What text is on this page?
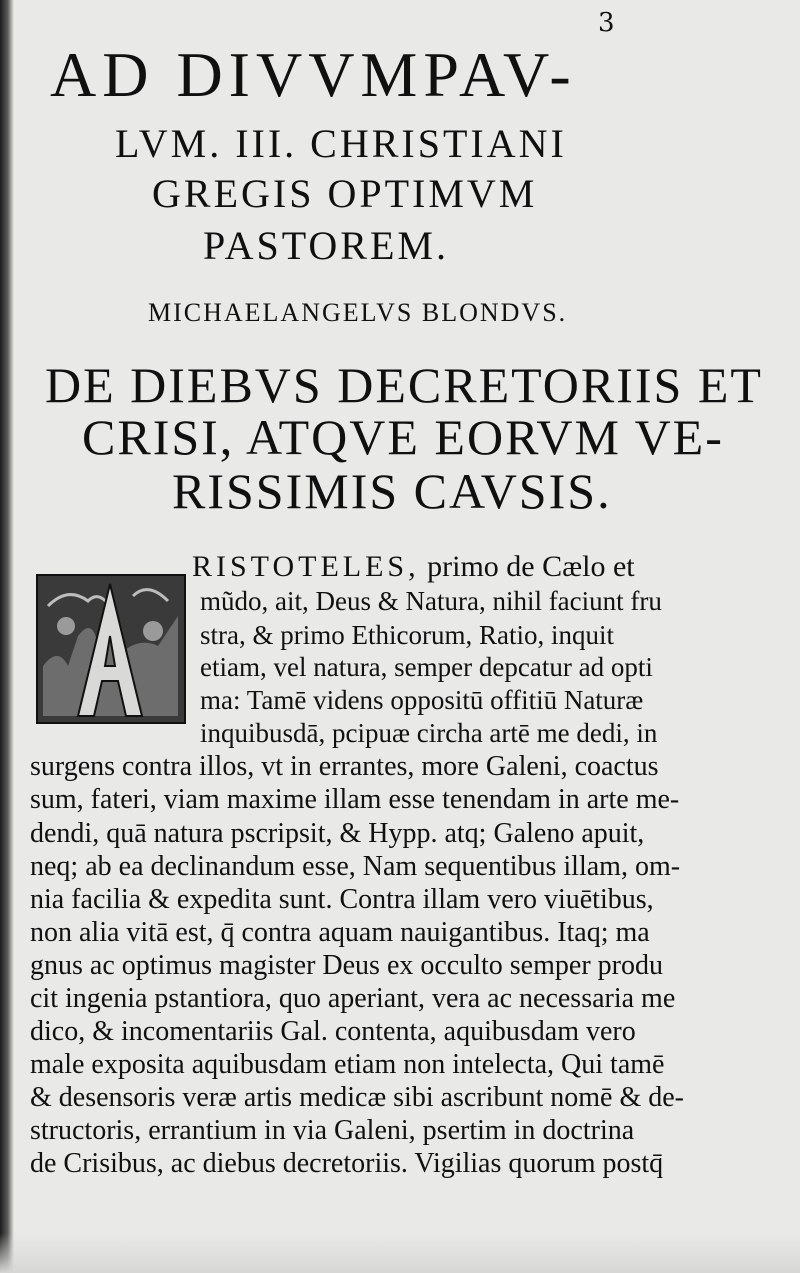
3
AD DIVVMPAV-
LVM. III. CHRISTIANI
GREGIS OPTIMVM
PASTOREM.
MICHAELANGELVS BLONDVS.
DE DIEBVS DECRETORIIS ET
CRISI, ATQVE EORVM VE-
RISSIMIS CAVSIS.
RISTOTELES, primo de Cælo et
mũdo, ait, Deus & Natura, nihil faciunt fru
stra, & primo Ethicorum, Ratio, inquit
etiam, vel natura, semper depcatur ad opti
ma: Tamē videns oppositū offitiū Naturæ
inquibusdā, pcipuæ circha artē me dedi, in
surgens contra illos, vt in errantes, more Galeni, coactus
sum, fateri, viam maxime illam esse tenendam in arte me-
dendi, quā natura pscripsit, & Hypp. atq; Galeno apuit,
neq; ab ea declinandum esse, Nam sequentibus illam, om-
nia facilia & expedita sunt. Contra illam vero viuētibus,
non alia vitā est, q̄ contra aquam nauigantibus. Itaq; ma
gnus ac optimus magister Deus ex occulto semper produ
cit ingenia pstantiora, quo aperiant, vera ac necessaria me
dico, & incomentariis Gal. contenta, aquibusdam vero
male exposita aquibusdam etiam non intelecta, Qui tamē
& desensoris veræ artis medicæ sibi ascribunt nomē & de-
structoris, errantium in via Galeni, psertim in doctrina
de Crisibus, ac diebus decretoriis. Vigilias quorum postq̄
